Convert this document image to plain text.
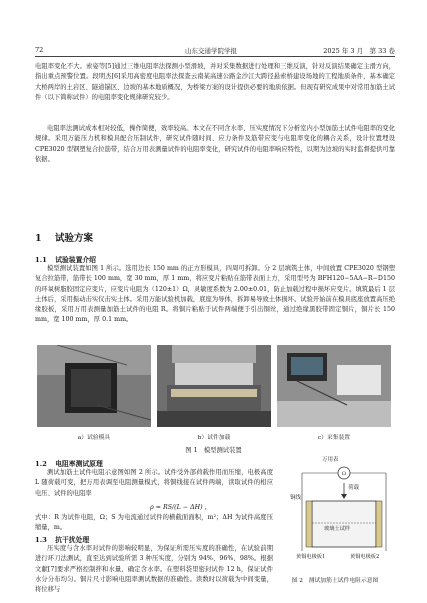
72	山东交通学院学报	2025 年 3 月　第 33 卷

电阻率变化不大。索姿等[5]通过三维电阻率法探测小型滑坡，并对采集数据进行处理和三维反演，针对反演结果确定主滑方向，指出重点预警位置。段明杰[6]采用高密度电阻率法探查云南某高速公路金沙江大跨径悬索桥建设场地的工程地质条件，基本确定大桥两岸的土岩区、隧道锚区、边坡的基本地质概况，为桥梁方案的设计提供必要的地质依据。但现有研究成果中对常用加筋土试件（以下简称试件）的电阻率变化规律研究较少。

电阻率法测试成本相对较低，操作简便，效率较高。本文在不同含水率、压实度情况下分析室内小型加筋土试件电阻率的变化规律。采用万能压力机和模具配合压制试件，研究试件随时间、应力条件及筋带应变与电阻率变化的耦合关系，设计位置埋设 CPE3020 型钢塑复合拉筋带，结合万用表测量试件的电阻率变化，研究试件的电阻率响应特性，以期为边坡的实时监督提供可靠依据。

1 试验方案
1.1 试验装置介绍

模型测试装置如图 1 所示。选用边长 150 mm 的正方形模具，四周可拆卸。分 2 层填筑土体，中间放置 CPE3020 型钢塑复合拉筋带，筋带长 100 mm，宽 30 mm，厚 1 mm，将应变片粘贴在筋带表面上方，采用型号为 BFH120−5AA−R−D150 的环氧树脂胶固定应变片，应变片电阻为（120±1）Ω，灵敏度系数为 2.00±0.01，防止加载过程中损坏应变片。填筑最后 1 层土体后，采用振动击实仪击实土体。采用万能试验机加载，底座为导体，拆卸易导致土体损坏。试验开始前在模具底座放置高压绝缘胶板，采用万用表测量加筋土试件的电阻 R。将铜片粘贴于试件两端便于引出铜丝，通过绝缘黑胶带固定铜片，铜片长 150 mm，宽 100 mm，厚 0.1 mm。

a）试验模具	b）试件加载	c）采集装置
图 1　模型测试装置
1.2 电阻率测试原理

测试加筋土试件电阻示意图如图 2 所示。试件受外部荷载作用而压缩，电极高度 L 随荷载可变，把万用表调至电阻测量模式，将铜线接在试件两端，读取试件的相应电压、试件的电阻率

ρ = RS/(L − ΔH) ，

式中：R 为试件电阻，Ω；S 为电流通过试件的横截面面积，m²；ΔH 为试件高度压缩量，m。

1.3 抗干扰处理

压实度与含水率对试件的影响较明显，为保证所需压实度的准确性，在试验前期进行环刀法测试，直至达到试验所需 3 种压实度，分别为 94%、96%、98%。根据文献[7]要求严格控制拌和水量，确定含水率。在塑料袋里密封试件 12 h，保证试件水分分布均匀。铜片尺寸影响电阻率测试数据的准确性。读数时以荷载为中间变量，将位移与

Ω
万用表
荷载
铜线
玻璃土试样
黄铜电极板1	黄铜电极板2
图 2　测试加筋土试件电阻示意图
